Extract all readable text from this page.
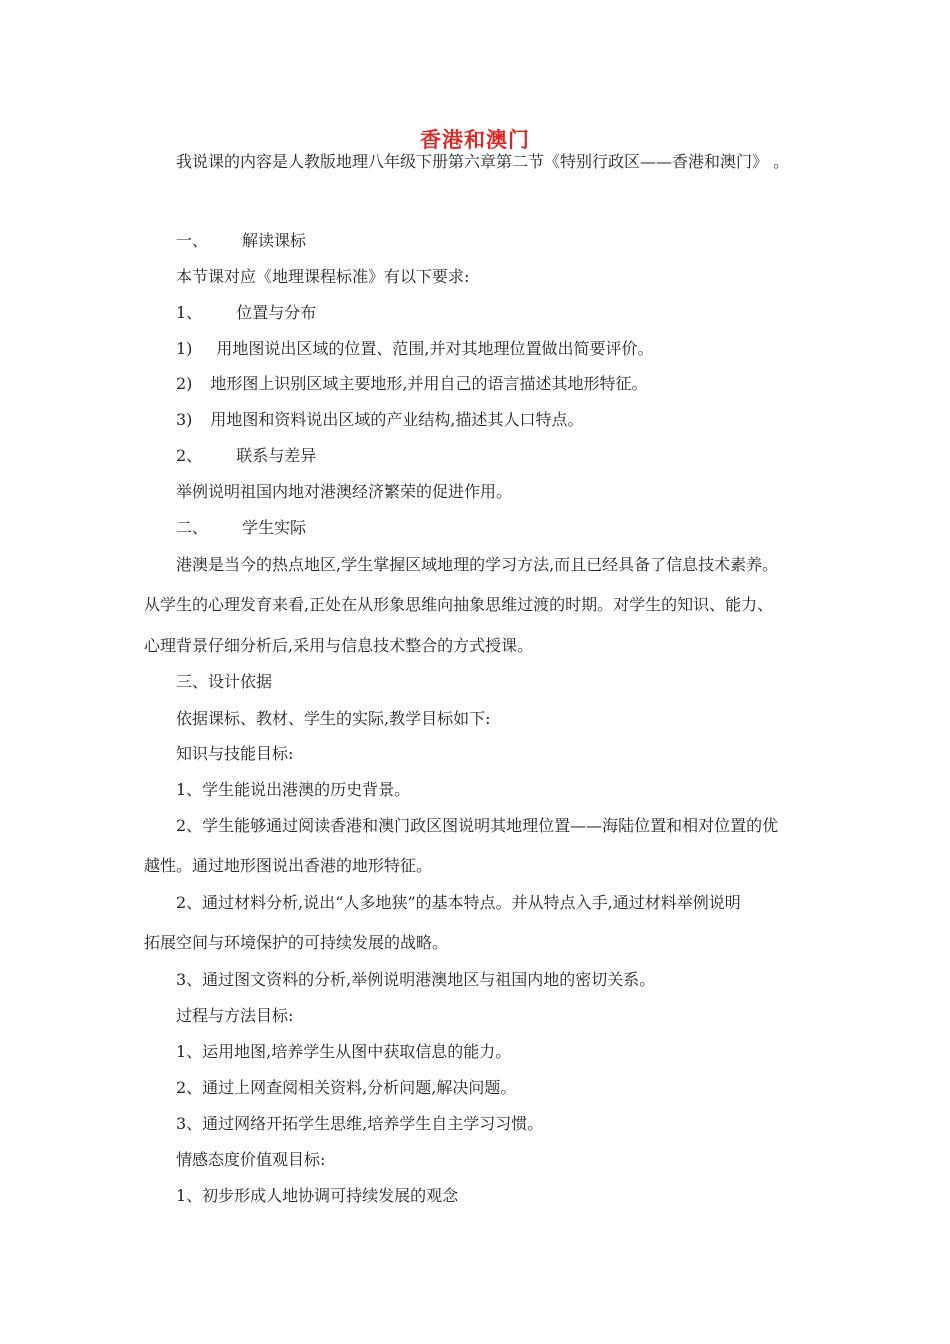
香港和澳门
我说课的内容是人教版地理八年级下册第六章第二节《特别行政区——香港和澳门》 。
一、 解读课标
本节课对应《地理课程标准》有以下要求:
1、 位置与分布
1) 用地图说出区域的位置、范围,并对其地理位置做出简要评价。
2) 地形图上识别区域主要地形,并用自己的语言描述其地形特征。
3) 用地图和资料说出区域的产业结构,描述其人口特点。
2、 联系与差异
举例说明祖国内地对港澳经济繁荣的促进作用。
二、 学生实际
港澳是当今的热点地区,学生掌握区域地理的学习方法,而且已经具备了信息技术素养。
从学生的心理发育来看,正处在从形象思维向抽象思维过渡的时期。对学生的知识、能力、
心理背景仔细分析后,采用与信息技术整合的方式授课。
三、设计依据
依据课标、教材、学生的实际,教学目标如下:
知识与技能目标:
1、学生能说出港澳的历史背景。
2、学生能够通过阅读香港和澳门政区图说明其地理位置——海陆位置和相对位置的优
越性。通过地形图说出香港的地形特征。
2、通过材料分析,说出“人多地狭”的基本特点。并从特点入手,通过材料举例说明
拓展空间与环境保护的可持续发展的战略。
3、通过图文资料的分析,举例说明港澳地区与祖国内地的密切关系。
过程与方法目标:
1、运用地图,培养学生从图中获取信息的能力。
2、通过上网查阅相关资料,分析问题,解决问题。
3、通过网络开拓学生思维,培养学生自主学习习惯。
情感态度价值观目标:
1、初步形成人地协调可持续发展的观念
